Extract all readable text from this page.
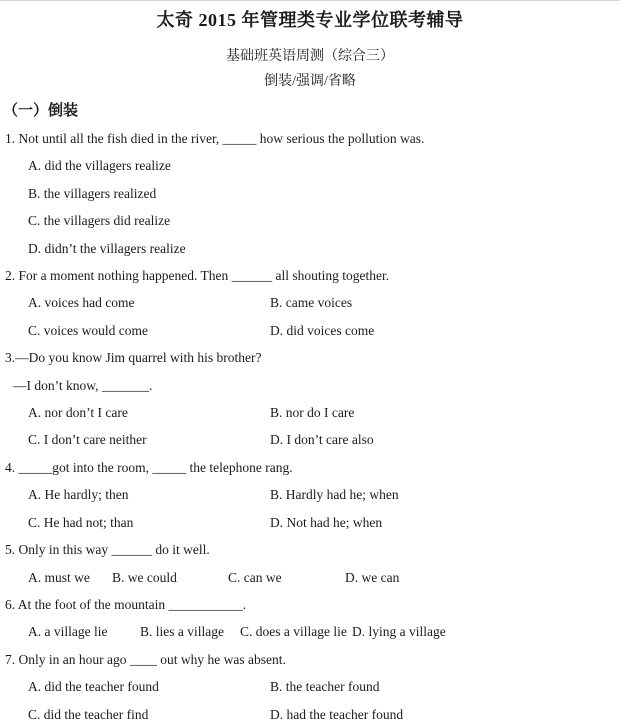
太奇 2015 年管理类专业学位联考辅导
基础班英语周测（综合三）
倒装/强调/省略
（一）倒装
1. Not until all the fish died in the river, _____ how serious the pollution was.
A. did the villagers realize
B. the villagers realized
C. the villagers did realize
D. didn’t the villagers realize
2. For a moment nothing happened. Then ______ all shouting together.
A. voices had come	B. came voices
C. voices would come	D. did voices come
3.—Do you know Jim quarrel with his brother?
—I don’t know, _______.
A. nor don’t I care	B. nor do I care
C. I don’t care neither	D. I don’t care also
4. _____got into the room, _____ the telephone rang.
A. He hardly; then	B. Hardly had he; when
C. He had not; than	D. Not had he; when
5. Only in this way ______ do it well.
A. must we B. we could	C. can we	D. we can
6. At the foot of the mountain ___________.
A. a village lie B. lies a village C. does a village lie D. lying a village
7. Only in an hour ago ____ out why he was absent.
A. did the teacher found	B. the teacher found
C. did the teacher find	D. had the teacher found
